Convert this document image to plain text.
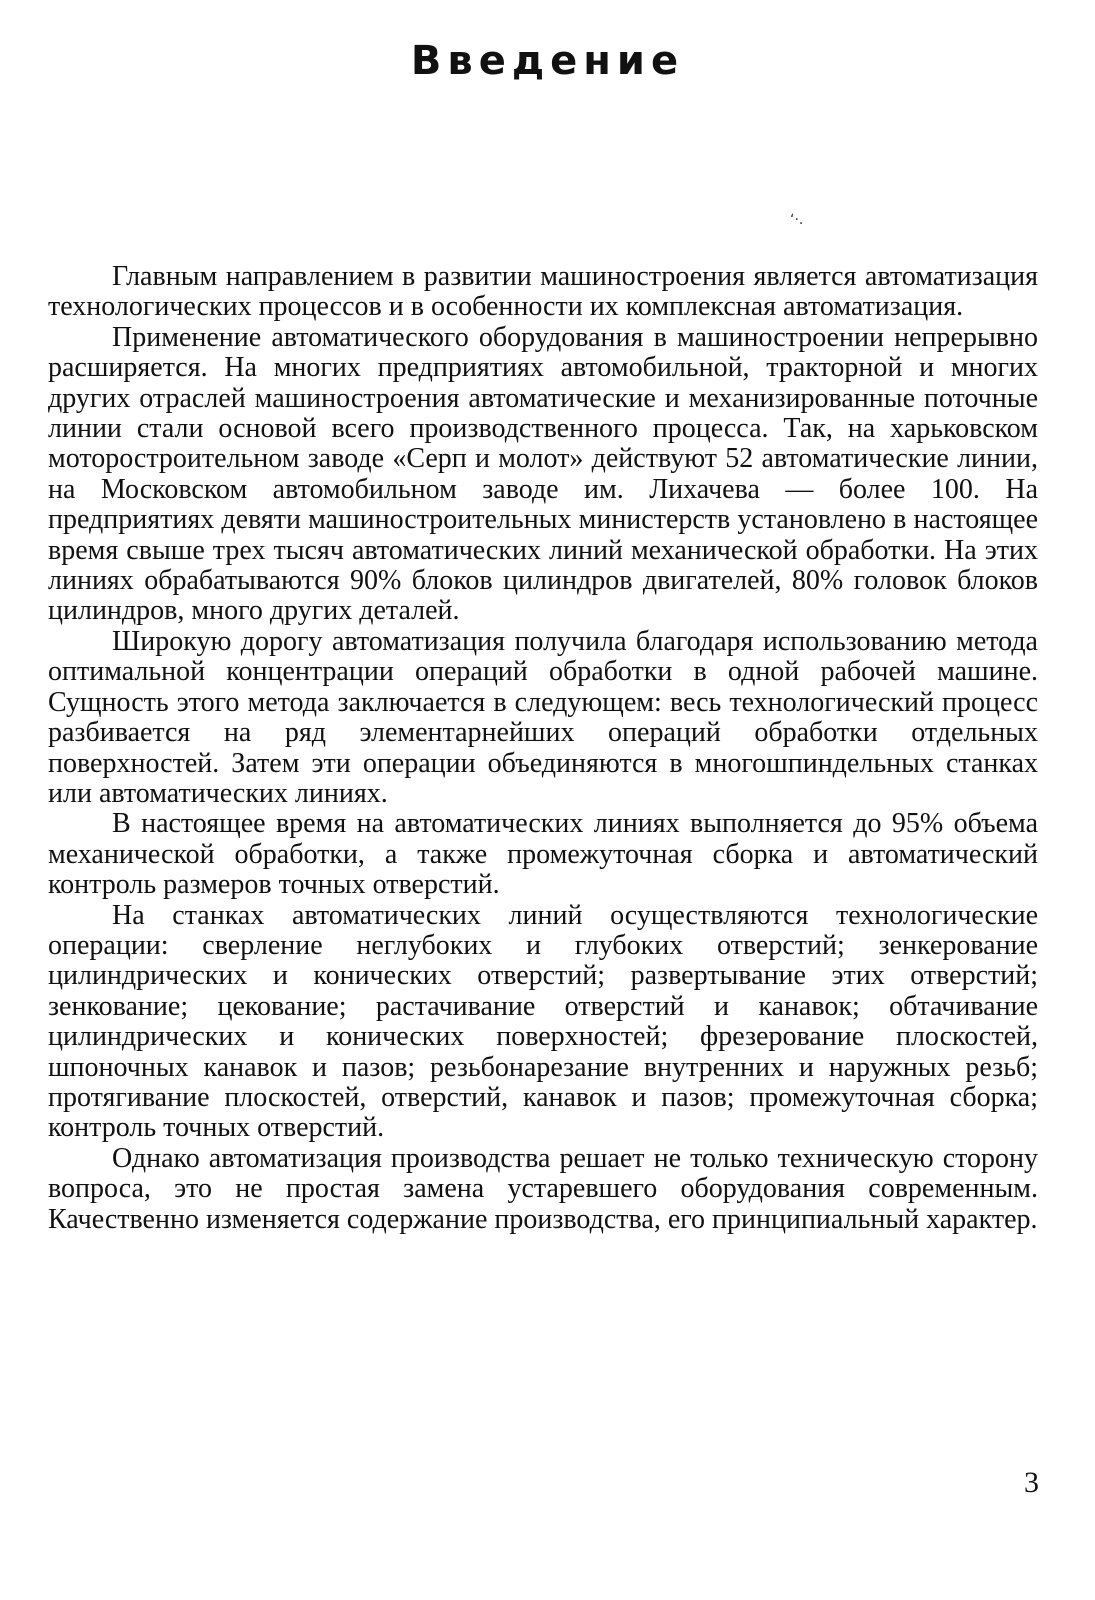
Введение
ʻ·.

Главным направлением в развитии машиностроения является автоматизация технологических процессов и в особенности их комплексная автоматизация.

Применение автоматического оборудования в машиностроении непрерывно расширяется. На многих предприятиях автомобильной, тракторной и многих других отраслей машиностроения автоматические и механизированные поточные линии стали основой всего производственного процесса. Так, на харьковском моторостроительном заводе «Серп и молот» действуют 52 автоматические линии, на Московском автомобильном заводе им. Лихачева — более 100. На предприятиях девяти машиностроительных министерств установлено в настоящее время свыше трех тысяч автоматических линий механической обработки. На этих линиях обрабатываются 90% блоков цилиндров двигателей, 80% головок блоков цилиндров, много других деталей.

Широкую дорогу автоматизация получила благодаря использованию метода оптимальной концентрации операций обработки в одной рабочей машине. Сущность этого метода заключается в следующем: весь технологический процесс разбивается на ряд элементарнейших операций обработки отдельных поверхностей. Затем эти операции объединяются в многошпиндельных станках или автоматических линиях.

В настоящее время на автоматических линиях выполняется до 95% объема механической обработки, а также промежуточная сборка и автоматический контроль размеров точных отверстий.

На станках автоматических линий осуществляются технологические операции: сверление неглубоких и глубоких отверстий; зенкерование цилиндрических и конических отверстий; развертывание этих отверстий; зенкование; цекование; растачивание отверстий и канавок; обтачивание цилиндрических и конических поверхностей; фрезерование плоскостей, шпоночных канавок и пазов; резьбонарезание внутренних и наружных резьб; протягивание плоскостей, отверстий, канавок и пазов; промежуточная сборка; контроль точных отверстий.

Однако автоматизация производства решает не только техническую сторону вопроса, это не простая замена устаревшего оборудования современным. Качественно изменяется содержание производства, его принципиальный характер.

3
